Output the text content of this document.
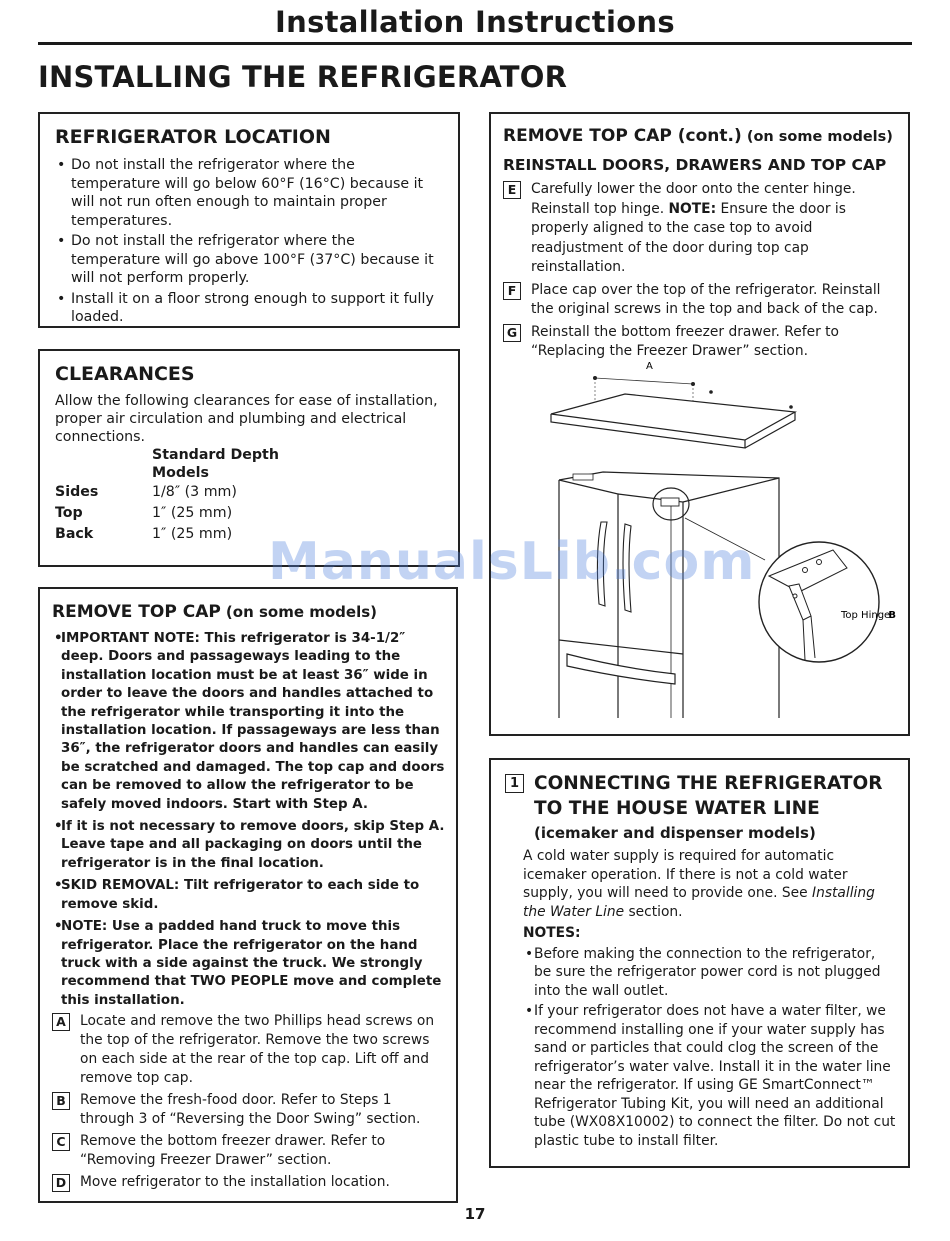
Installation Instructions
INSTALLING THE REFRIGERATOR
REFRIGERATOR LOCATION
• Do not install the refrigerator where the temperature will go below 60°F (16°C) because it will not run often enough to maintain proper temperatures.
• Do not install the refrigerator where the temperature will go above 100°F (37°C) because it will not perform properly.
• Install it on a floor strong enough to support it fully loaded.
CLEARANCES
Allow the following clearances for ease of installation, proper air circulation and plumbing and electrical connections.

	Standard Depth
Models

Sides	1/8″ (3 mm)
Top	1″ (25 mm)
Back	1″ (25 mm)
REMOVE TOP CAP (on some models)
• IMPORTANT NOTE: This refrigerator is 34-1/2″ deep. Doors and passageways leading to the installation location must be at least 36″ wide in order to leave the doors and handles attached to the refrigerator while transporting it into the installation location. If passageways are less than 36″, the refrigerator doors and handles can easily be scratched and damaged. The top cap and doors can be removed to allow the refrigerator to be safely moved indoors. Start with Step A.
• If it is not necessary to remove doors, skip Step A. Leave tape and all packaging on doors until the refrigerator is in the final location.
• SKID REMOVAL: Tilt refrigerator to each side to remove skid.
• NOTE: Use a padded hand truck to move this refrigerator. Place the refrigerator on the hand truck with a side against the truck. We strongly recommend that TWO PEOPLE move and complete this installation.
A	Locate and remove the two Phillips head screws on the top of the refrigerator. Remove the two screws on each side at the rear of the top cap. Lift off and remove top cap.
B	Remove the fresh-food door. Refer to Steps 1 through 3 of “Reversing the Door Swing” section.
C	Remove the bottom freezer drawer. Refer to “Removing Freezer Drawer” section.
D Move refrigerator to the installation location.
REMOVE TOP CAP (cont.) (on some models)
REINSTALL DOORS, DRAWERS AND TOP CAP
E	Carefully lower the door onto the center hinge. Reinstall top hinge. NOTE: Ensure the door is properly aligned to the case top to avoid readjustment of the door during top cap reinstallation.
F	Place cap over the top of the refrigerator. Reinstall the original screws in the top and back of the cap.
G Reinstall the bottom freezer drawer. Refer to “Replacing the Freezer Drawer” section.
A
Top Hinge
B
1 CONNECTING THE REFRIGERATOR
TO THE HOUSE WATER LINE
(icemaker and dispenser models)
A cold water supply is required for automatic icemaker operation. If there is not a cold water supply, you will need to provide one. See Installing the Water Line section.
NOTES:
• Before making the connection to the refrigerator, be sure the refrigerator power cord is not plugged into the wall outlet.
• If your refrigerator does not have a water filter, we recommend installing one if your water supply has sand or particles that could clog the screen of the refrigerator’s water valve. Install it in the water line near the refrigerator. If using GE SmartConnect™ Refrigerator Tubing Kit, you will need an additional tube (WX08X10002) to connect the filter. Do not cut plastic tube to install filter.
ManualsLib.com
17
